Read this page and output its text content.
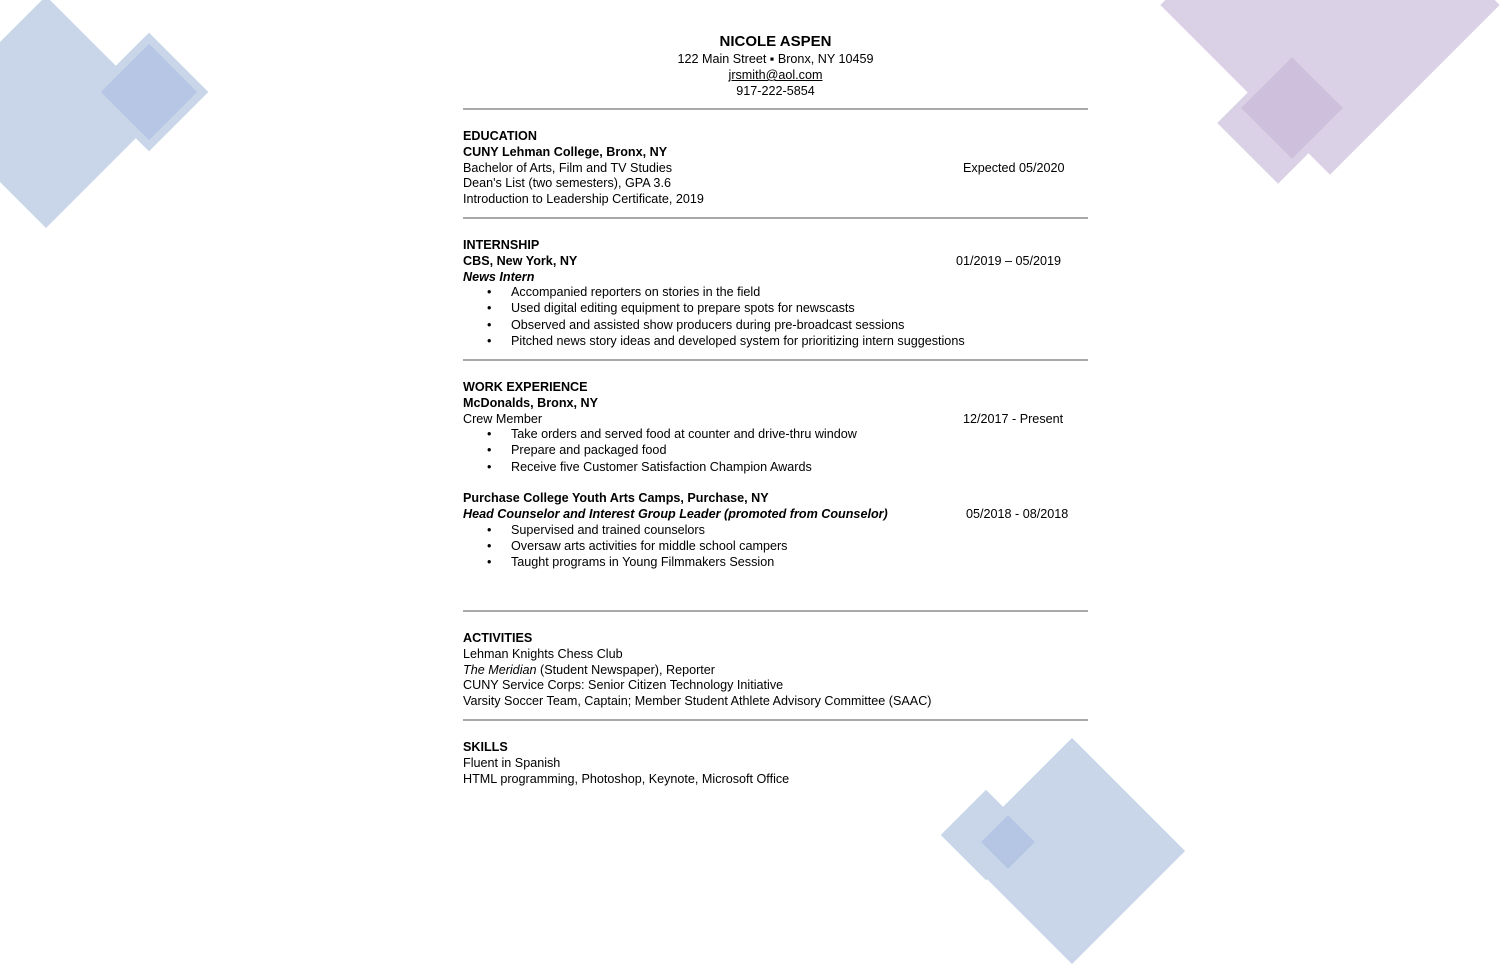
NICOLE ASPEN
122 Main Street ▪ Bronx, NY 10459
jrsmith@aol.com
917-222-5854
EDUCATION
CUNY Lehman College, Bronx, NY
Bachelor of Arts, Film and TV Studies	Expected 05/2020
Dean's List (two semesters), GPA 3.6
Introduction to Leadership Certificate, 2019
INTERNSHIP
CBS, New York, NY	01/2019 – 05/2019
News Intern
• Accompanied reporters on stories in the field
• Used digital editing equipment to prepare spots for newscasts
• Observed and assisted show producers during pre-broadcast sessions
• Pitched news story ideas and developed system for prioritizing intern suggestions
WORK EXPERIENCE
McDonalds, Bronx, NY
Crew Member	12/2017 - Present
• Take orders and served food at counter and drive-thru window
• Prepare and packaged food
• Receive five Customer Satisfaction Champion Awards
Purchase College Youth Arts Camps, Purchase, NY
Head Counselor and Interest Group Leader (promoted from Counselor)	05/2018 - 08/2018
• Supervised and trained counselors
• Oversaw arts activities for middle school campers
• Taught programs in Young Filmmakers Session
ACTIVITIES
Lehman Knights Chess Club
The Meridian (Student Newspaper), Reporter
CUNY Service Corps: Senior Citizen Technology Initiative
Varsity Soccer Team, Captain; Member Student Athlete Advisory Committee (SAAC)
SKILLS
Fluent in Spanish
HTML programming, Photoshop, Keynote, Microsoft Office
